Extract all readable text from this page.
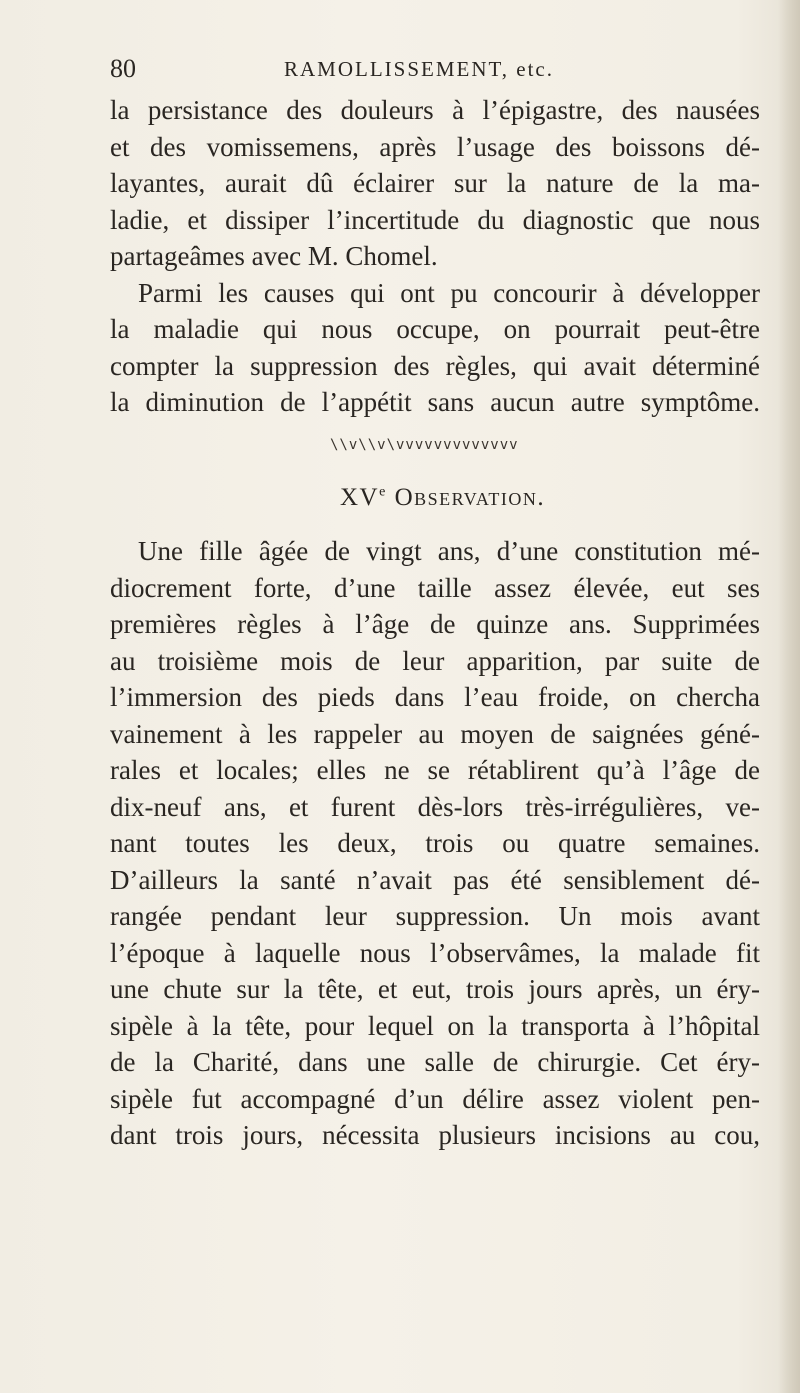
80	RAMOLLISSEMENT, etc.
la persistance des douleurs à l’épigastre, des nausées
et des vomissemens, après l’usage des boissons dé-
layantes, aurait dû éclairer sur la nature de la ma-
ladie, et dissiper l’incertitude du diagnostic que nous
partageâmes avec M. Chomel.
Parmi les causes qui ont pu concourir à développer
la maladie qui nous occupe, on pourrait peut-être
compter la suppression des règles, qui avait déterminé
la diminution de l’appétit sans aucun autre symptôme.
\\v\\v\vvvvvvvvvvvvv
XVe Observation.
Une fille âgée de vingt ans, d’une constitution mé-
diocrement forte, d’une taille assez élevée, eut ses
premières règles à l’âge de quinze ans. Supprimées
au troisième mois de leur apparition, par suite de
l’immersion des pieds dans l’eau froide, on chercha
vainement à les rappeler au moyen de saignées géné-
rales et locales; elles ne se rétablirent qu’à l’âge de
dix-neuf ans, et furent dès-lors très-irrégulières, ve-
nant toutes les deux, trois ou quatre semaines.
D’ailleurs la santé n’avait pas été sensiblement dé-
rangée pendant leur suppression. Un mois avant
l’époque à laquelle nous l’observâmes, la malade fit
une chute sur la tête, et eut, trois jours après, un éry-
sipèle à la tête, pour lequel on la transporta à l’hôpital
de la Charité, dans une salle de chirurgie. Cet éry-
sipèle fut accompagné d’un délire assez violent pen-
dant trois jours, nécessita plusieurs incisions au cou,
